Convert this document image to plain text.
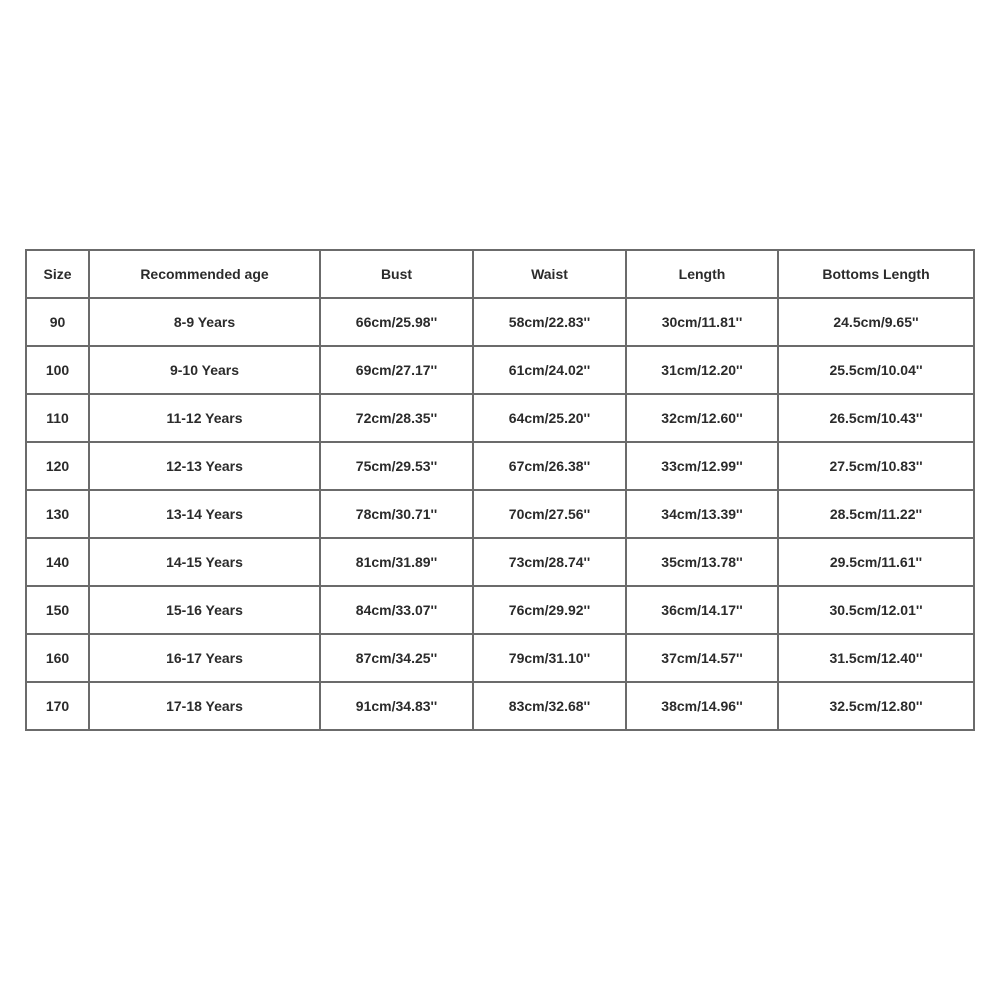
Size	Recommended age	Bust	Waist	Length	Bottoms Length
90	8-9 Years	66cm/25.98''	58cm/22.83''	30cm/11.81''	24.5cm/9.65''
100	9-10 Years	69cm/27.17''	61cm/24.02''	31cm/12.20''	25.5cm/10.04''
110	11-12 Years	72cm/28.35''	64cm/25.20''	32cm/12.60''	26.5cm/10.43''
120	12-13 Years	75cm/29.53''	67cm/26.38''	33cm/12.99''	27.5cm/10.83''
130	13-14 Years	78cm/30.71''	70cm/27.56''	34cm/13.39''	28.5cm/11.22''
140	14-15 Years	81cm/31.89''	73cm/28.74''	35cm/13.78''	29.5cm/11.61''
150	15-16 Years	84cm/33.07''	76cm/29.92''	36cm/14.17''	30.5cm/12.01''
160	16-17 Years	87cm/34.25''	79cm/31.10''	37cm/14.57''	31.5cm/12.40''
170	17-18 Years	91cm/34.83''	83cm/32.68''	38cm/14.96''	32.5cm/12.80''
